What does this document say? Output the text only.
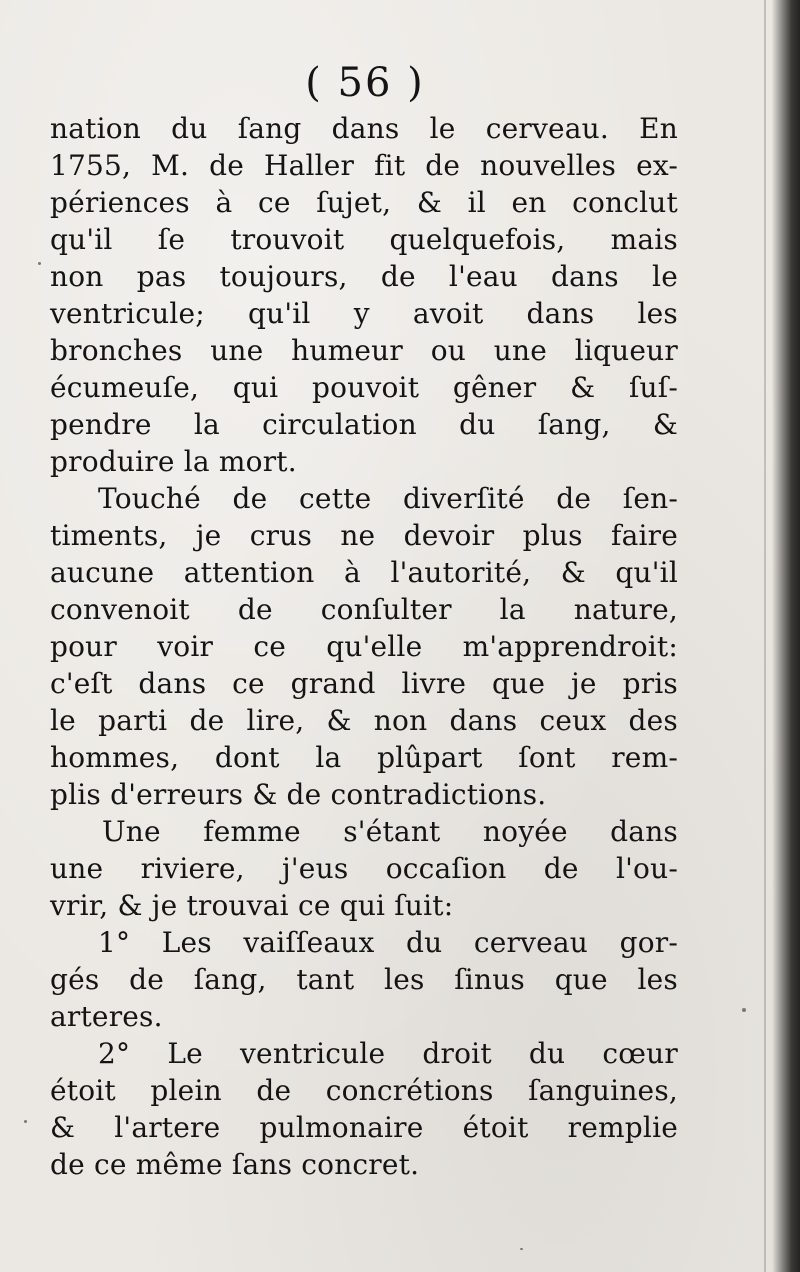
( 56 )
nation du ſang dans le cerveau. En
1755, M. de Haller fit de nouvelles ex-
périences à ce ſujet, & il en conclut
qu'il ſe trouvoit quelquefois, mais
non pas toujours, de l'eau dans le
ventricule; qu'il y avoit dans les
bronches une humeur ou une liqueur
écumeuſe, qui pouvoit gêner & ſuſ-
pendre la circulation du ſang, &
produire la mort.
Touché de cette diverſité de ſen-
timents, je crus ne devoir plus faire
aucune attention à l'autorité, & qu'il
convenoit de conſulter la nature,
pour voir ce qu'elle m'apprendroit:
c'eſt dans ce grand livre que je pris
le parti de lire, & non dans ceux des
hommes, dont la plûpart ſont rem-
plis d'erreurs & de contradictions.
Une femme s'étant noyée dans
une riviere, j'eus occaſion de l'ou-
vrir, & je trouvai ce qui ſuit:
1° Les vaiſſeaux du cerveau gor-
gés de ſang, tant les ſinus que les
arteres.
2° Le ventricule droit du cœur
étoit plein de concrétions ſanguines,
& l'artere pulmonaire étoit remplie
de ce même ſans concret.
